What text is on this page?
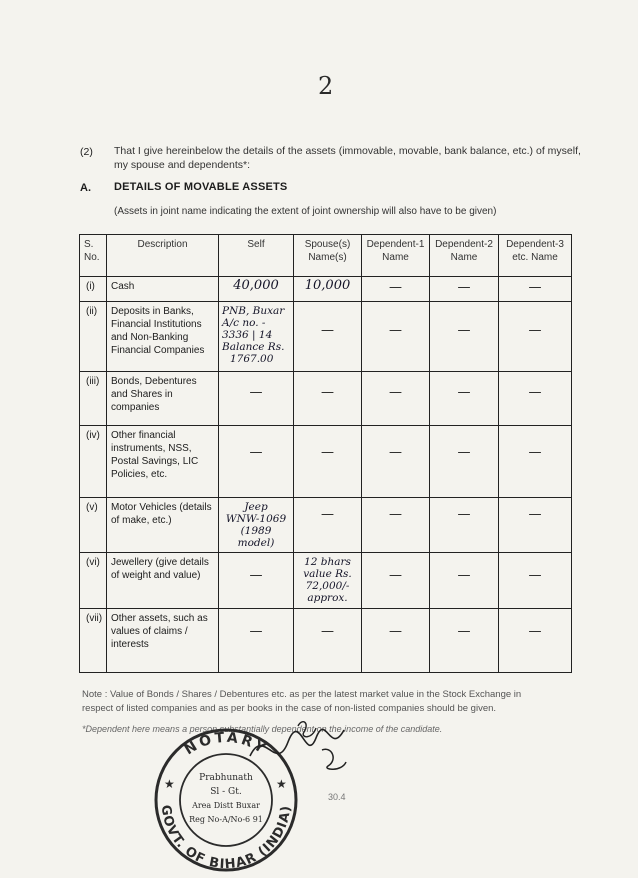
2
(2) That I give hereinbelow the details of the assets (immovable, movable, bank balance, etc.) of myself, my spouse and dependents*:
A. DETAILS OF MOVABLE ASSETS
(Assets in joint name indicating the extent of joint ownership will also have to be given)
S. No.	Description	Self	Spouse(s) Name(s)	Dependent-1 Name	Dependent-2 Name	Dependent-3 etc. Name
(i)	Cash	40,000	10,000	—	—	—
(ii)	Deposits in Banks, Financial Institutions and Non-Banking Financial Companies	PNB, Buxar
A/c no. -
3336 | 14
Balance Rs.
1767.00	—	—	—	—
(iii)	Bonds, Debentures and Shares in companies	—	—	—	—	—
(iv)	Other financial instruments, NSS, Postal Savings, LIC Policies, etc.	—	—	—	—	—
(v)	Motor Vehicles (details of make, etc.)	Jeep
WNW-1069
(1989 model)	—	—	—	—
(vi)	Jewellery (give details of weight and value)	—	12 bhars
value Rs.
72,000/-
approx.	—	—	—
(vii)	Other assets, such as values of claims / interests	—	—	—	—	—
Note : Value of Bonds / Shares / Debentures etc. as per the latest market value in the Stock Exchange in respect of listed companies and as per books in the case of non-listed companies should be given.
*Dependent here means a person substantially dependent on the income of the candidate.
NOTARY
GOVT. OF BIHAR (INDIA)
Prabhunath
Sl - Gt.
Area Distt Buxar
Reg No-A/No-6 91
★	★
30.4
